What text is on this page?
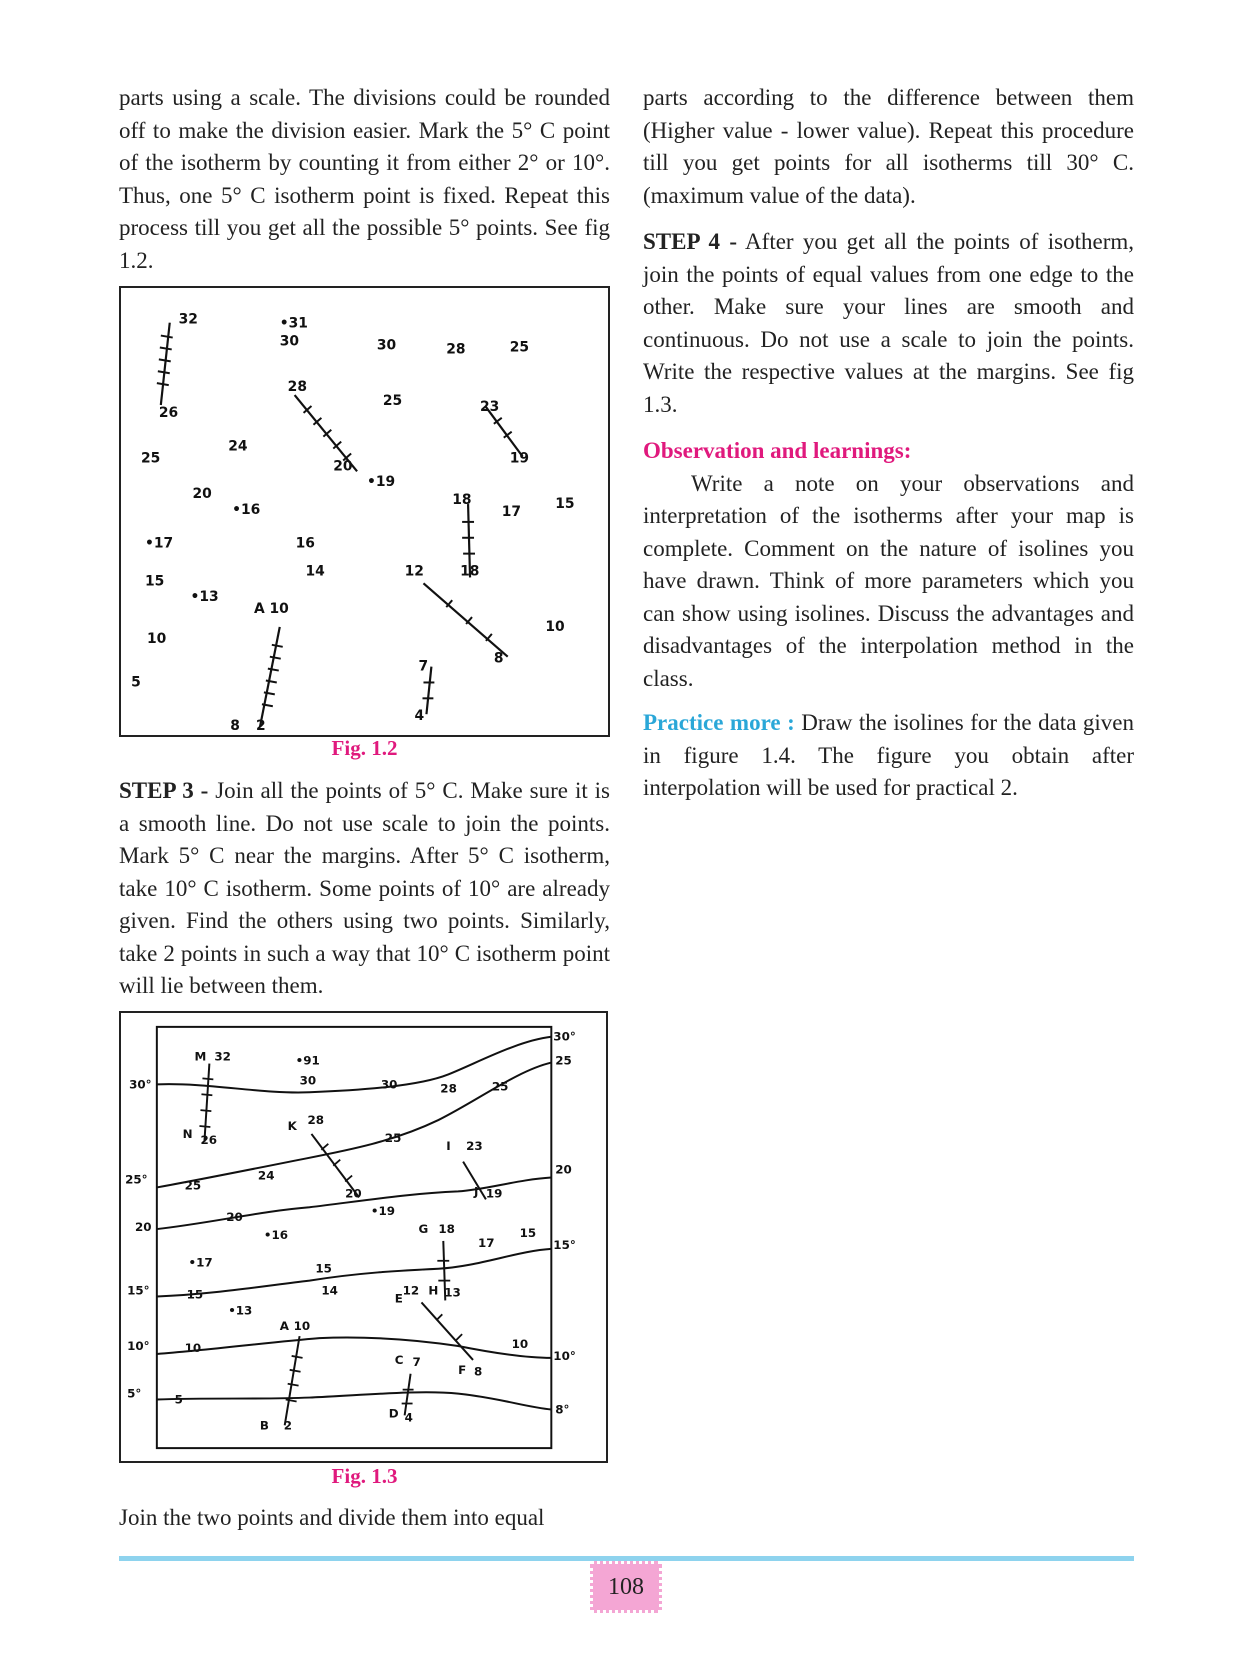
parts using a scale. The divisions could be rounded off to make the division easier. Mark the 5° C point of the isotherm by counting it from either 2° or 10°. Thus, one 5° C isotherm point is fixed. Repeat this process till you get all the possible 5° points. See fig 1.2.

32	•31
30	30	28	25
26
28
25	23
25
24
20	19
•19
20
•16
18
17 15
•17	16
14	12	18
15
•13
A 10
10
7
10
8
5
8 2
4
Fig. 1.2

STEP 3 - Join all the points of 5° C. Make sure it is a smooth line. Do not use scale to join the points. Mark 5° C near the margins. After 5° C isotherm, take 10° C isotherm. Some points of 10° are already given. Find the others using two points. Similarly, take 2 points in such a way that 10° C isotherm point will lie between them.

M 32	•91
30	30	28	25
N 26
K 28
25
I 23
25
24
20	J 19
•19
20
•16	G 18
17
15
•17	15
14
E
12 H 13
15
•13
A 10
10	10
C 7
F 8
5
D 4
B 2
30°
25°
20
15°
10°
5°
30°
25
20
15°
10°
8°
Fig. 1.3

Join the two points and divide them into equal

parts according to the difference between them (Higher value - lower value). Repeat this procedure till you get points for all isotherms till 30° C. (maximum value of the data).

STEP 4 - After you get all the points of isotherm, join the points of equal values from one edge to the other. Make sure your lines are smooth and continuous. Do not use a scale to join the points. Write the respective values at the margins. See fig 1.3.

Observation and learnings:

Write a note on your observations and interpretation of the isotherms after your map is complete. Comment on the nature of isolines you have drawn. Think of more parameters which you can show using isolines. Discuss the advantages and disadvantages of the interpolation method in the class.

Practice more : Draw the isolines for the data given in figure 1.4. The figure you obtain after interpolation will be used for practical 2.

108
